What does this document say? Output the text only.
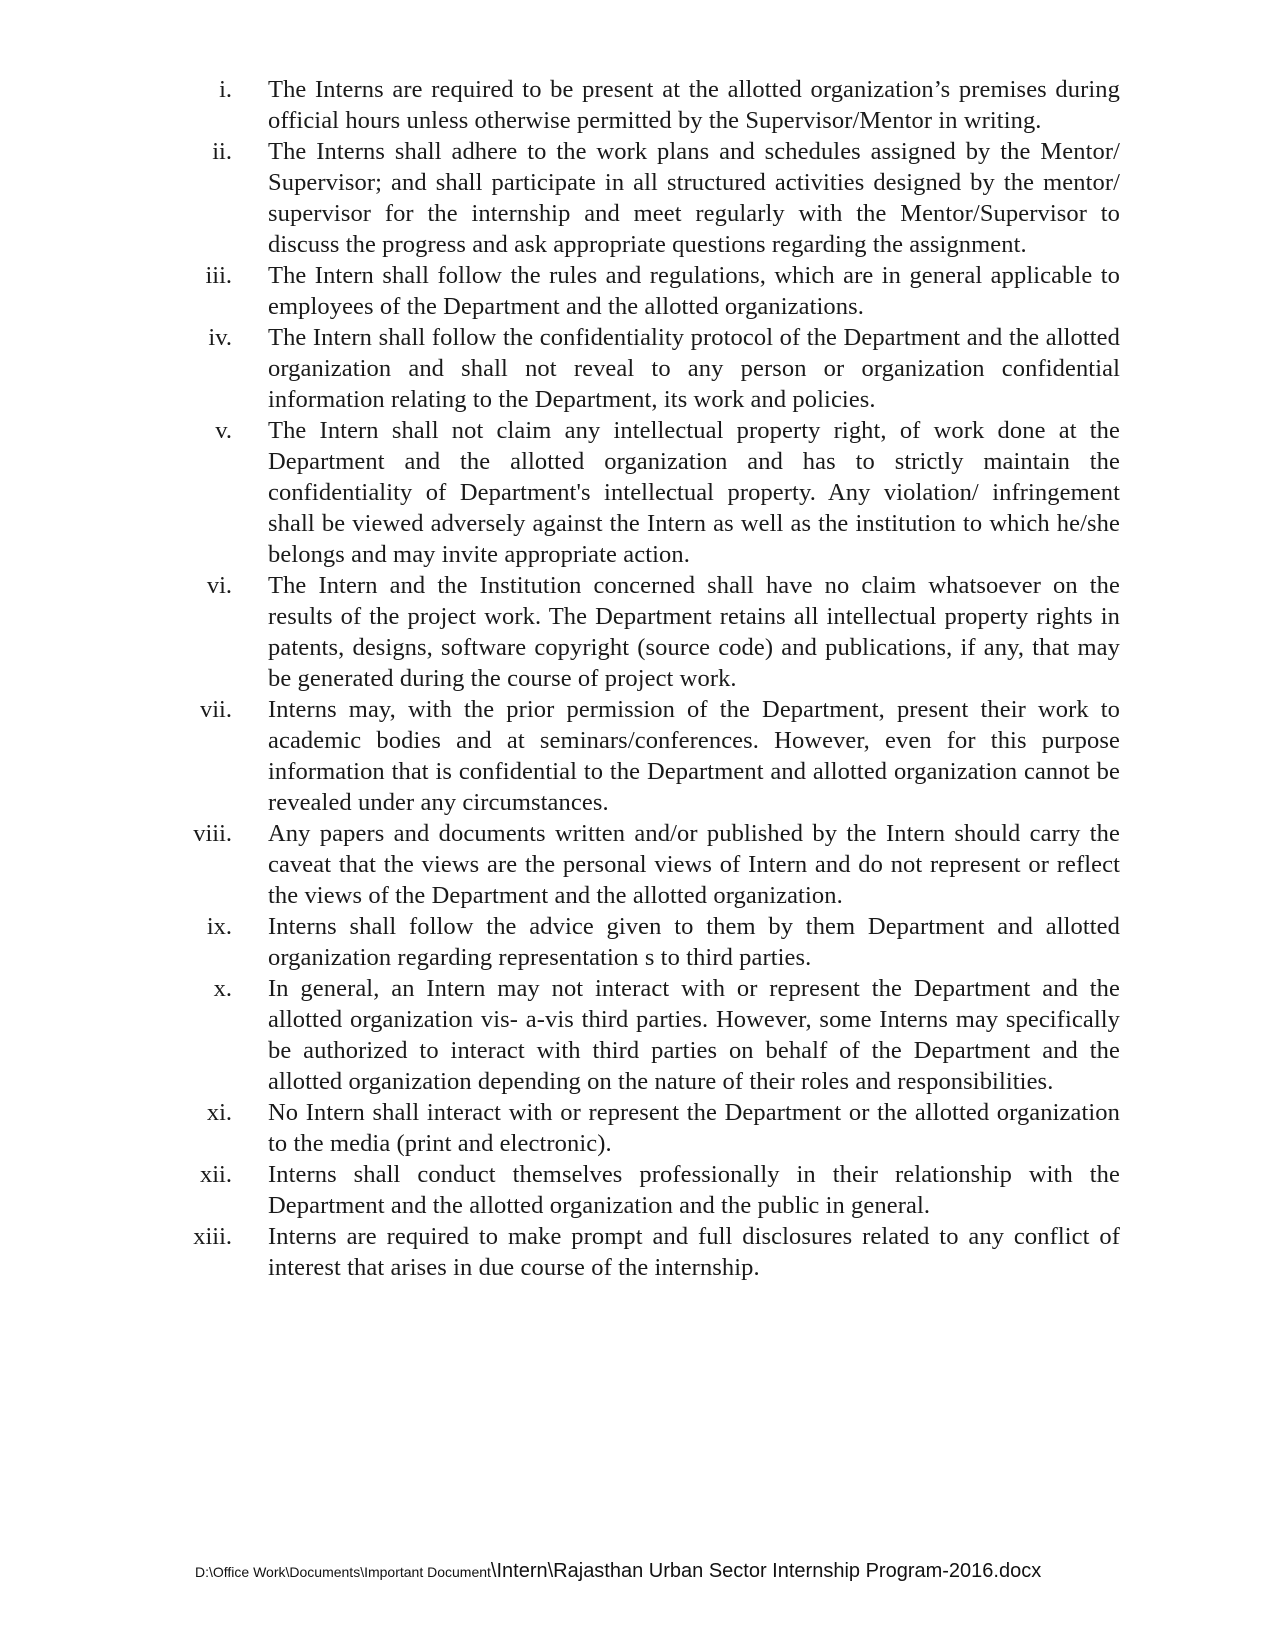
i. The Interns are required to be present at the allotted organization’s premises during official hours unless otherwise permitted by the Supervisor/Mentor in writing.
ii. The Interns shall adhere to the work plans and schedules assigned by the Mentor/ Supervisor; and shall participate in all structured activities designed by the mentor/ supervisor for the internship and meet regularly with the Mentor/Supervisor to discuss the progress and ask appropriate questions regarding the assignment.
iii. The Intern shall follow the rules and regulations, which are in general applicable to employees of the Department and the allotted organizations.
iv. The Intern shall follow the confidentiality protocol of the Department and the allotted organization and shall not reveal to any person or organization confidential information relating to the Department, its work and policies.
v. The Intern shall not claim any intellectual property right, of work done at the Department and the allotted organization and has to strictly maintain the confidentiality of Department's intellectual property. Any violation/ infringement shall be viewed adversely against the Intern as well as the institution to which he/she belongs and may invite appropriate action.
vi. The Intern and the Institution concerned shall have no claim whatsoever on the results of the project work. The Department retains all intellectual property rights in patents, designs, software copyright (source code) and publications, if any, that may be generated during the course of project work.
vii. Interns may, with the prior permission of the Department, present their work to academic bodies and at seminars/conferences. However, even for this purpose information that is confidential to the Department and allotted organization cannot be revealed under any circumstances.
viii. Any papers and documents written and/or published by the Intern should carry the caveat that the views are the personal views of Intern and do not represent or reflect the views of the Department and the allotted organization.
ix. Interns shall follow the advice given to them by them Department and allotted organization regarding representation s to third parties.
x. In general, an Intern may not interact with or represent the Department and the allotted organization vis- a-vis third parties. However, some Interns may specifically be authorized to interact with third parties on behalf of the Department and the allotted organization depending on the nature of their roles and responsibilities.
xi. No Intern shall interact with or represent the Department or the allotted organization to the media (print and electronic).
xii. Interns shall conduct themselves professionally in their relationship with the Department and the allotted organization and the public in general.
xiii. Interns are required to make prompt and full disclosures related to any conflict of interest that arises in due course of the internship.
D:\Office Work\Documents\Important Document\Intern\Rajasthan Urban Sector Internship Program-2016.docx
